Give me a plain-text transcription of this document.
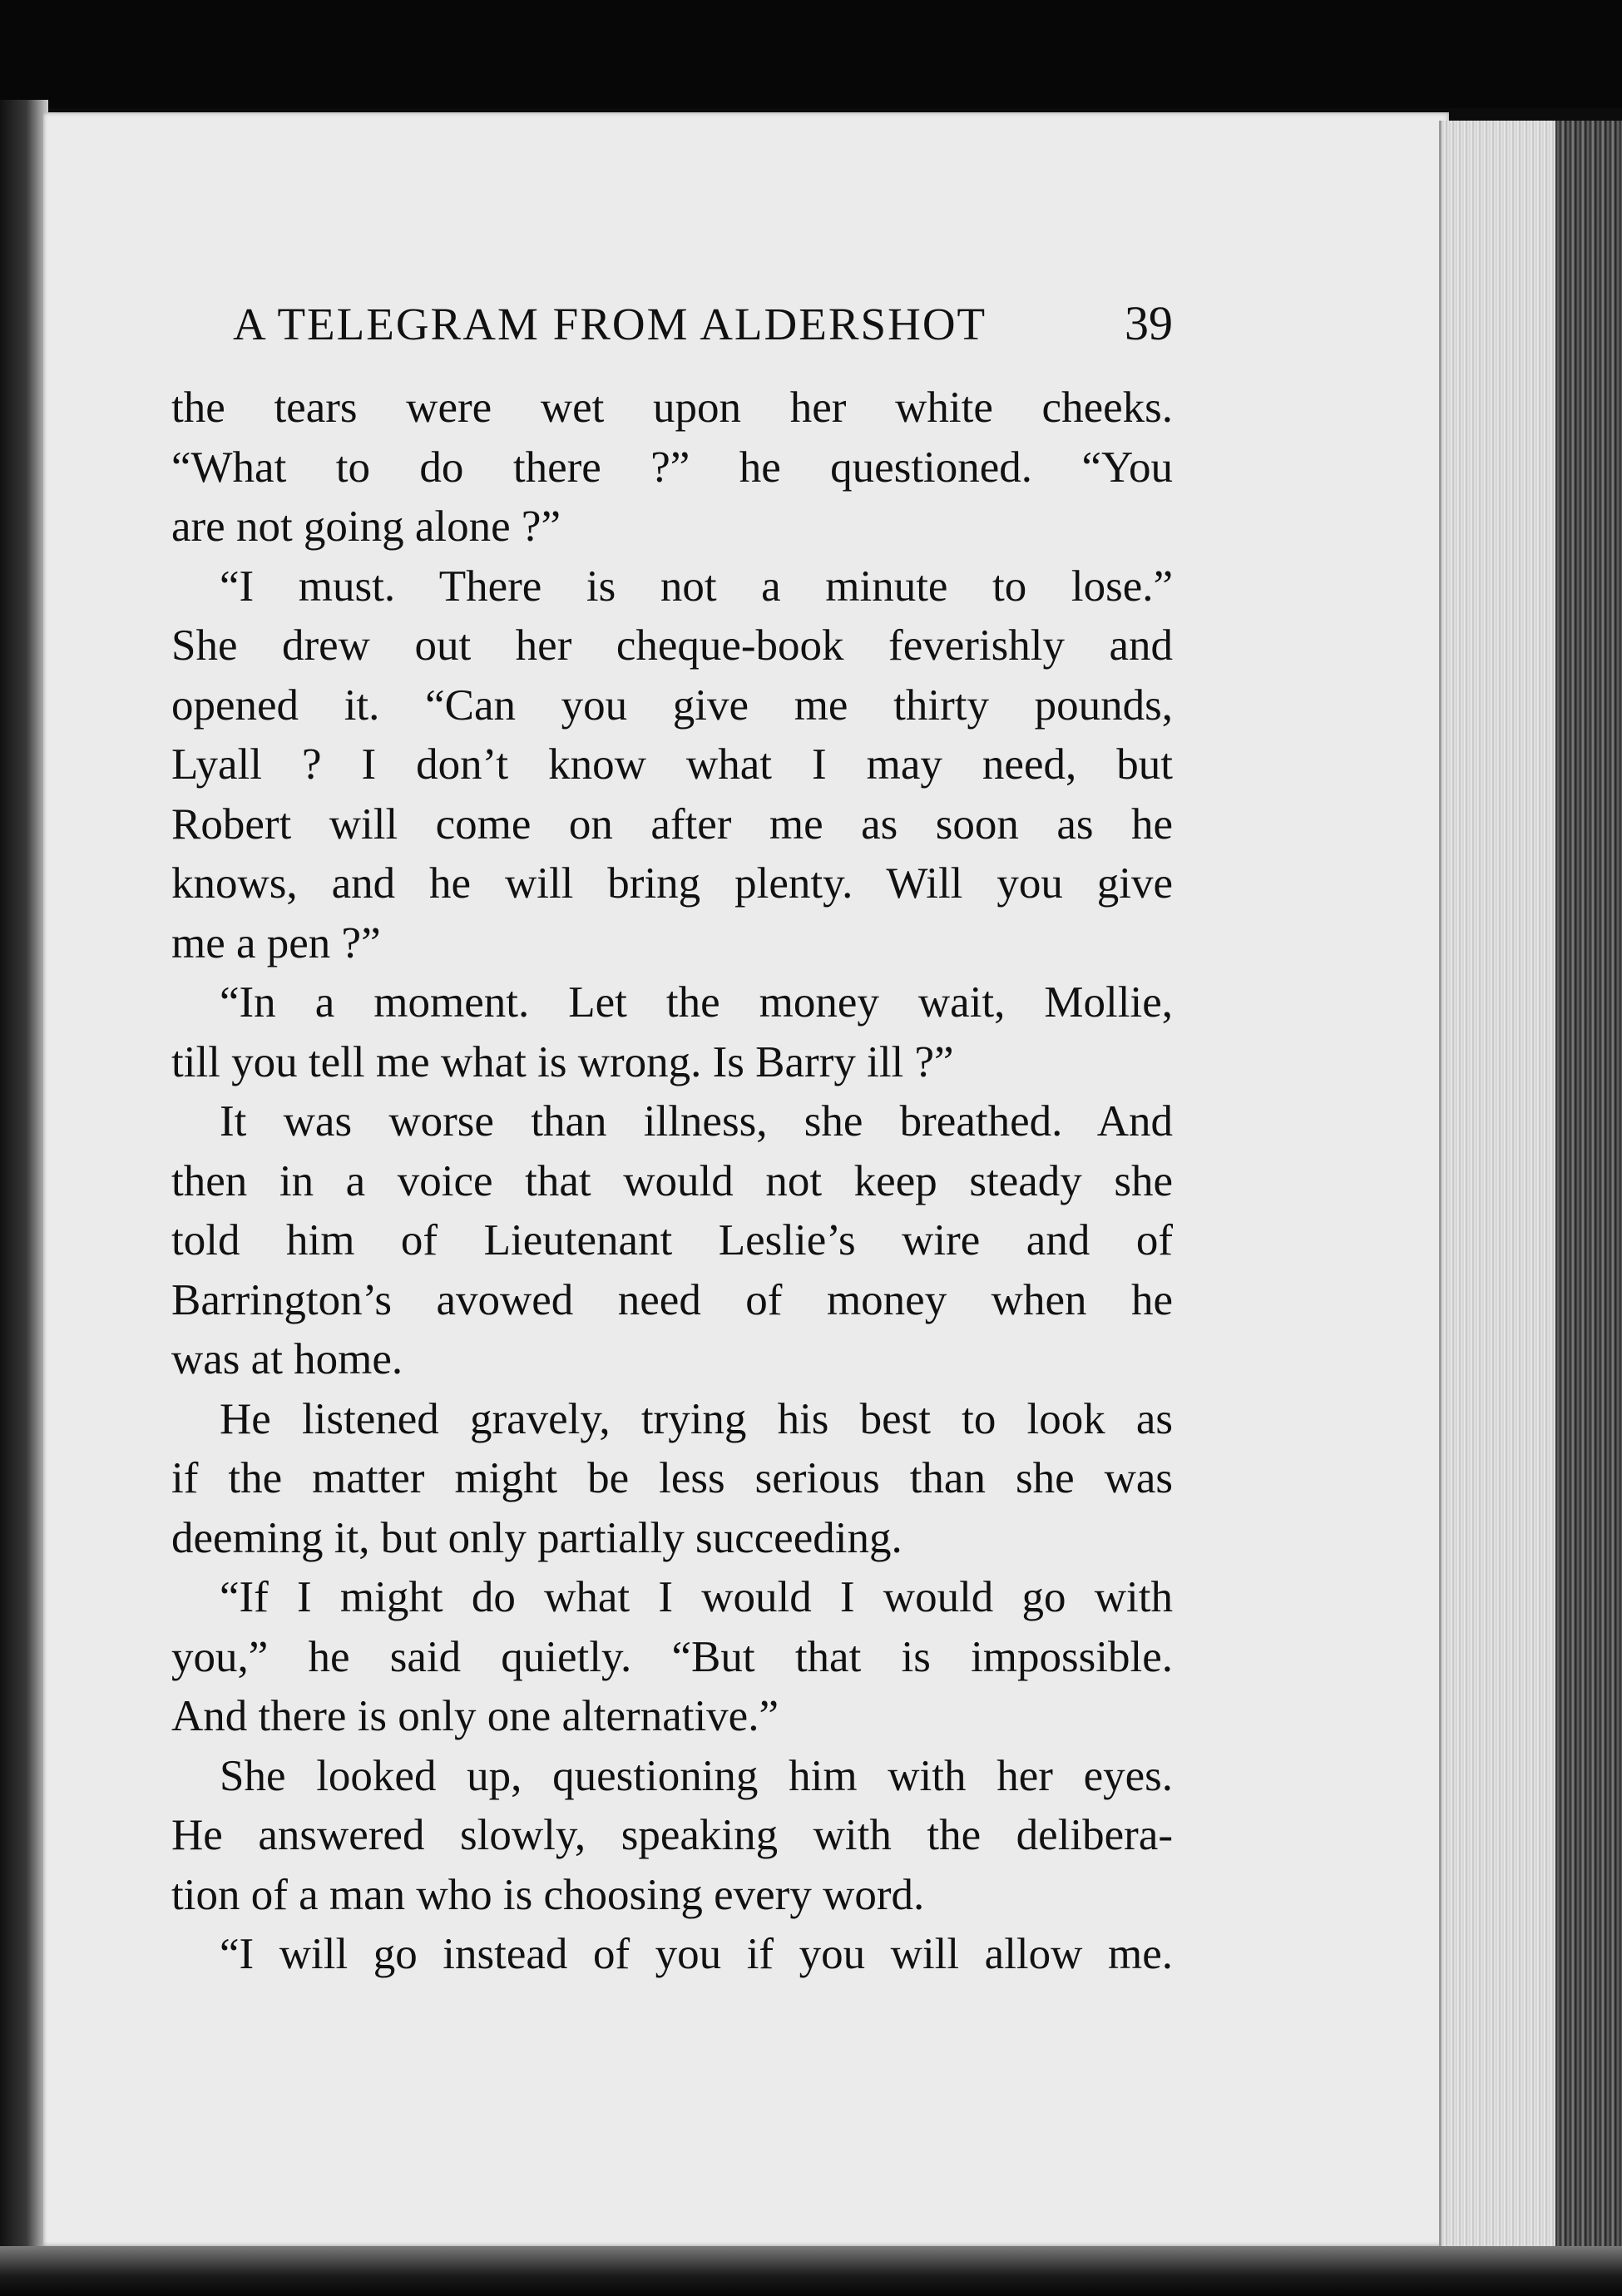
A TELEGRAM FROM ALDERSHOT	39
the tears were wet upon her white cheeks.
“What to do there ?” he questioned. “You
are not going alone ?”
“I must. There is not a minute to lose.”
She drew out her cheque-book feverishly and
opened it. “Can you give me thirty pounds,
Lyall ? I don’t know what I may need, but
Robert will come on after me as soon as he
knows, and he will bring plenty. Will you give
me a pen ?”
“In a moment. Let the money wait, Mollie,
till you tell me what is wrong. Is Barry ill ?”
It was worse than illness, she breathed. And
then in a voice that would not keep steady she
told him of Lieutenant Leslie’s wire and of
Barrington’s avowed need of money when he
was at home.
He listened gravely, trying his best to look as
if the matter might be less serious than she was
deeming it, but only partially succeeding.
“If I might do what I would I would go with
you,” he said quietly. “But that is impossible.
And there is only one alternative.”
She looked up, questioning him with her eyes.
He answered slowly, speaking with the delibera-
tion of a man who is choosing every word.
“I will go instead of you if you will allow me.
